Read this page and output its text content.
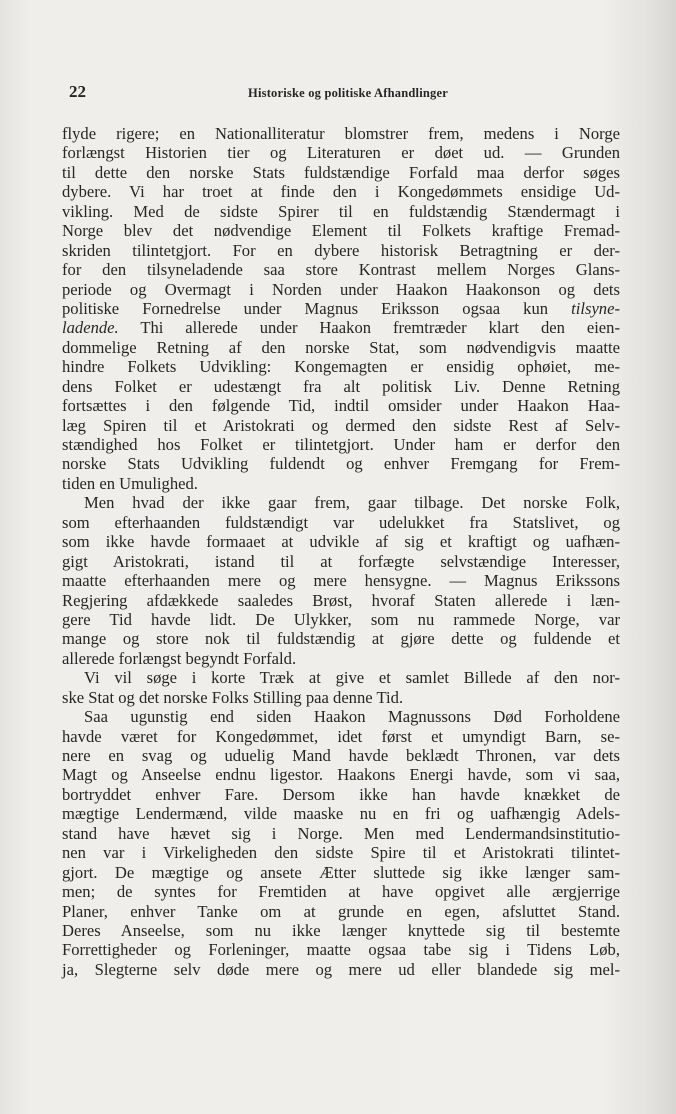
22	Historiske og politiske Afhandlinger
flyde rigere; en Nationalliteratur blomstrer frem, medens i Norge
forlængst Historien tier og Literaturen er døet ud. — Grunden
til dette den norske Stats fuldstændige Forfald maa derfor søges
dybere. Vi har troet at finde den i Kongedømmets ensidige Ud-
vikling. Med de sidste Spirer til en fuldstændig Stændermagt i
Norge blev det nødvendige Element til Folkets kraftige Fremad-
skriden tilintetgjort. For en dybere historisk Betragtning er der-
for den tilsyneladende saa store Kontrast mellem Norges Glans-
periode og Overmagt i Norden under Haakon Haakonson og dets
politiske Fornedrelse under Magnus Eriksson ogsaa kun tilsyne-
ladende. Thi allerede under Haakon fremtræder klart den eien-
dommelige Retning af den norske Stat, som nødvendigvis maatte
hindre Folkets Udvikling: Kongemagten er ensidig ophøiet, me-
dens Folket er udestængt fra alt politisk Liv. Denne Retning
fortsættes i den følgende Tid, indtil omsider under Haakon Haa-
læg Spiren til et Aristokrati og dermed den sidste Rest af Selv-
stændighed hos Folket er tilintetgjort. Under ham er derfor den
norske Stats Udvikling fuldendt og enhver Fremgang for Frem-
tiden en Umulighed.
Men hvad der ikke gaar frem, gaar tilbage. Det norske Folk,
som efterhaanden fuldstændigt var udelukket fra Statslivet, og
som ikke havde formaaet at udvikle af sig et kraftigt og uafhæn-
gigt Aristokrati, istand til at forfægte selvstændige Interesser,
maatte efterhaanden mere og mere hensygne. — Magnus Erikssons
Regjering afdækkede saaledes Brøst, hvoraf Staten allerede i læn-
gere Tid havde lidt. De Ulykker, som nu rammede Norge, var
mange og store nok til fuldstændig at gjøre dette og fuldende et
allerede forlængst begyndt Forfald.
Vi vil søge i korte Træk at give et samlet Billede af den nor-
ske Stat og det norske Folks Stilling paa denne Tid.
Saa ugunstig end siden Haakon Magnussons Død Forholdene
havde været for Kongedømmet, idet først et umyndigt Barn, se-
nere en svag og uduelig Mand havde beklædt Thronen, var dets
Magt og Anseelse endnu ligestor. Haakons Energi havde, som vi saa,
bortryddet enhver Fare. Dersom ikke han havde knækket de
mægtige Lendermænd, vilde maaske nu en fri og uafhængig Adels-
stand have hævet sig i Norge. Men med Lendermandsinstitutio-
nen var i Virkeligheden den sidste Spire til et Aristokrati tilintet-
gjort. De mægtige og ansete Ætter sluttede sig ikke længer sam-
men; de syntes for Fremtiden at have opgivet alle ærgjerrige
Planer, enhver Tanke om at grunde en egen, afsluttet Stand.
Deres Anseelse, som nu ikke længer knyttede sig til bestemte
Forrettigheder og Forleninger, maatte ogsaa tabe sig i Tidens Løb,
ja, Slegterne selv døde mere og mere ud eller blandede sig mel-
